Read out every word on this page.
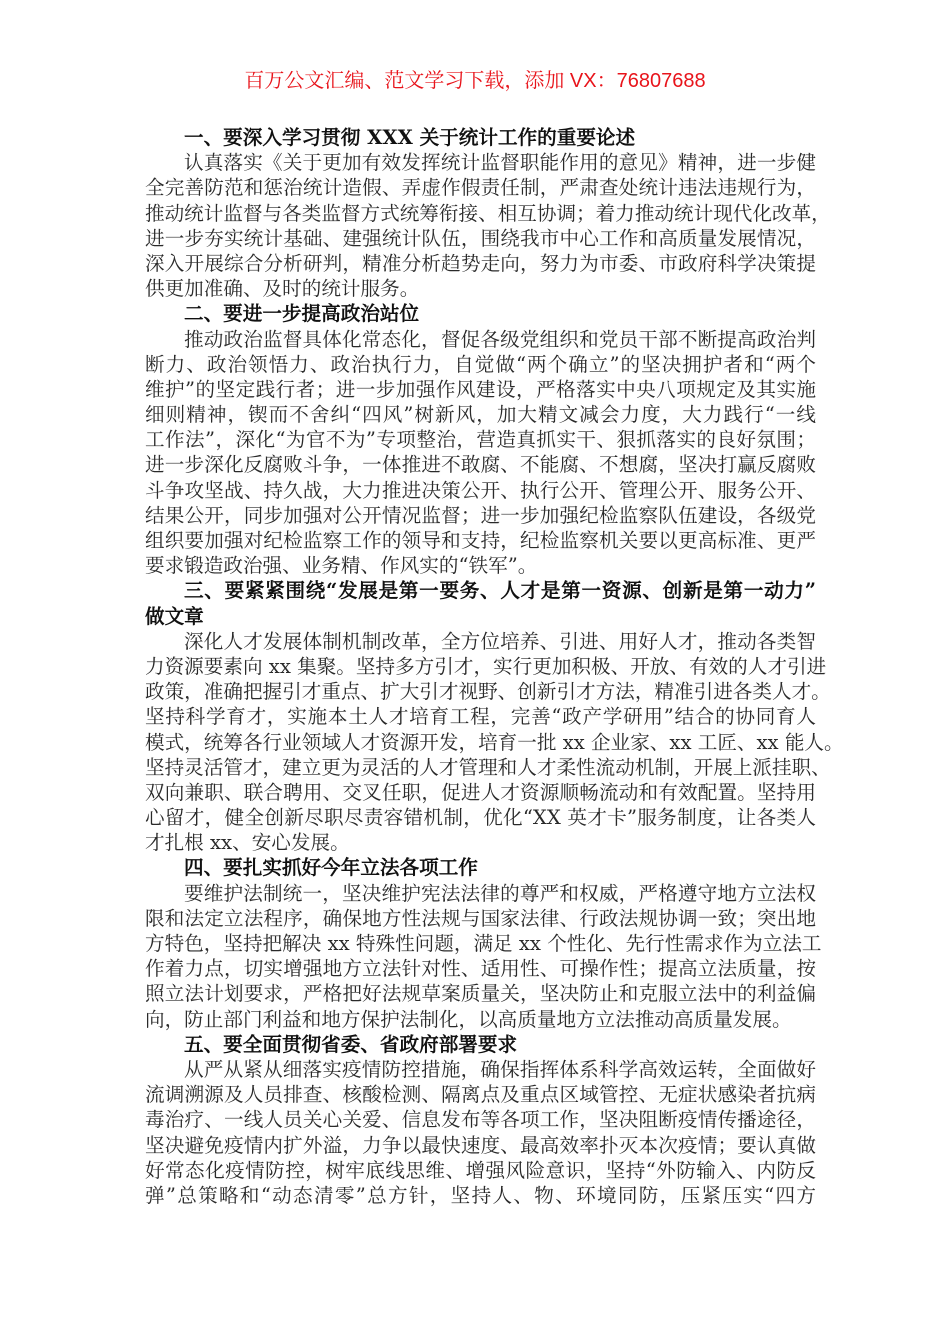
百万公文汇编、范文学习下载，添加 VX：76807688
一、要深入学习贯彻 XXX 关于统计工作的重要论述
认真落实《关于更加有效发挥统计监督职能作用的意见》精神，进一步健
全完善防范和惩治统计造假、弄虚作假责任制，严肃查处统计违法违规行为，
推动统计监督与各类监督方式统筹衔接、相互协调；着力推动统计现代化改革，
进一步夯实统计基础、建强统计队伍，围绕我市中心工作和高质量发展情况，
深入开展综合分析研判，精准分析趋势走向，努力为市委、市政府科学决策提
供更加准确、及时的统计服务。
二、要进一步提高政治站位
推动政治监督具体化常态化，督促各级党组织和党员干部不断提高政治判
断力、政治领悟力、政治执行力，自觉做“两个确立”的坚决拥护者和“两个
维护”的坚定践行者；进一步加强作风建设，严格落实中央八项规定及其实施
细则精神，锲而不舍纠“四风”树新风，加大精文减会力度，大力践行“一线
工作法”，深化“为官不为”专项整治，营造真抓实干、狠抓落实的良好氛围；
进一步深化反腐败斗争，一体推进不敢腐、不能腐、不想腐，坚决打赢反腐败
斗争攻坚战、持久战，大力推进决策公开、执行公开、管理公开、服务公开、
结果公开，同步加强对公开情况监督；进一步加强纪检监察队伍建设，各级党
组织要加强对纪检监察工作的领导和支持，纪检监察机关要以更高标准、更严
要求锻造政治强、业务精、作风实的“铁军”。
三、要紧紧围绕“发展是第一要务、人才是第一资源、创新是第一动力”
做文章
深化人才发展体制机制改革，全方位培养、引进、用好人才，推动各类智
力资源要素向 xx 集聚。坚持多方引才，实行更加积极、开放、有效的人才引进
政策，准确把握引才重点、扩大引才视野、创新引才方法，精准引进各类人才。
坚持科学育才，实施本土人才培育工程，完善“政产学研用”结合的协同育人
模式，统筹各行业领域人才资源开发，培育一批 xx 企业家、xx 工匠、xx 能人。
坚持灵活管才，建立更为灵活的人才管理和人才柔性流动机制，开展上派挂职、
双向兼职、联合聘用、交叉任职，促进人才资源顺畅流动和有效配置。坚持用
心留才，健全创新尽职尽责容错机制，优化“XX 英才卡”服务制度，让各类人
才扎根 xx、安心发展。
四、要扎实抓好今年立法各项工作
要维护法制统一，坚决维护宪法法律的尊严和权威，严格遵守地方立法权
限和法定立法程序，确保地方性法规与国家法律、行政法规协调一致；突出地
方特色，坚持把解决 xx 特殊性问题，满足 xx 个性化、先行性需求作为立法工
作着力点，切实增强地方立法针对性、适用性、可操作性；提高立法质量，按
照立法计划要求，严格把好法规草案质量关，坚决防止和克服立法中的利益偏
向，防止部门利益和地方保护法制化，以高质量地方立法推动高质量发展。
五、要全面贯彻省委、省政府部署要求
从严从紧从细落实疫情防控措施，确保指挥体系科学高效运转，全面做好
流调溯源及人员排查、核酸检测、隔离点及重点区域管控、无症状感染者抗病
毒治疗、一线人员关心关爱、信息发布等各项工作，坚决阻断疫情传播途径，
坚决避免疫情内扩外溢，力争以最快速度、最高效率扑灭本次疫情；要认真做
好常态化疫情防控，树牢底线思维、增强风险意识，坚持“外防输入、内防反
弹”总策略和“动态清零”总方针，坚持人、物、环境同防，压紧压实“四方
